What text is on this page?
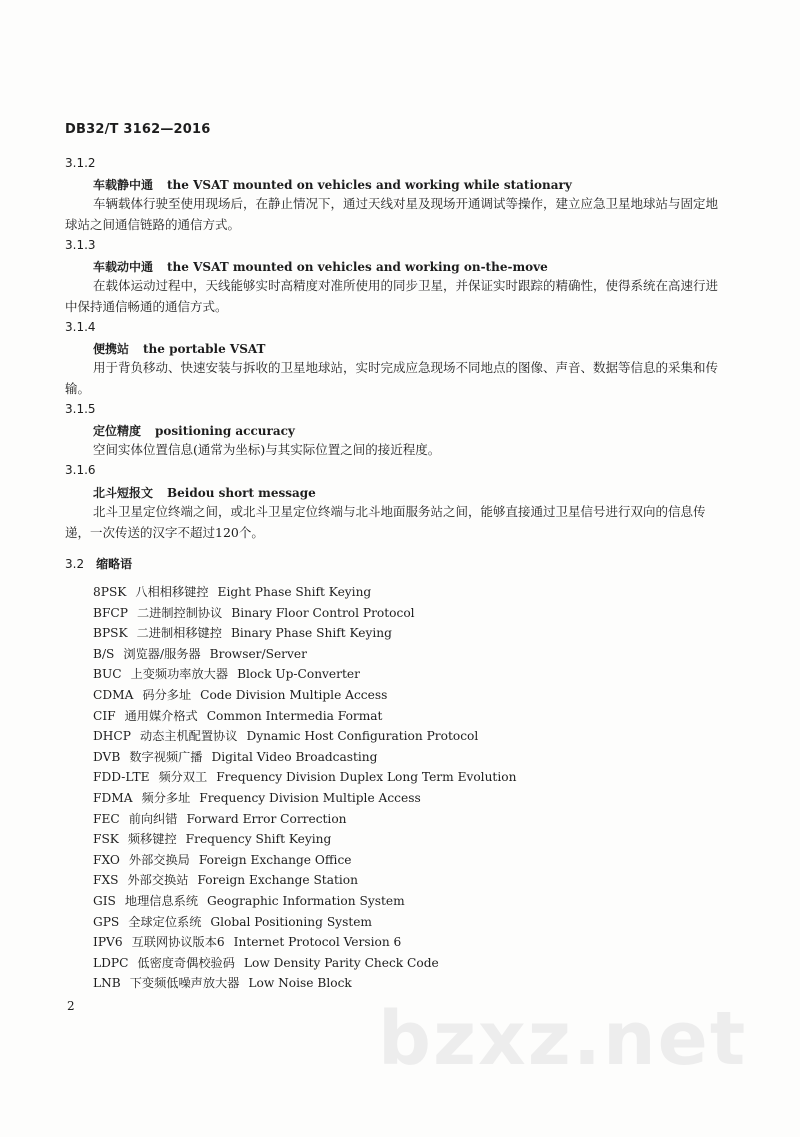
DB32/T 3162—2016
3.1.2
车载静中通 the VSAT mounted on vehicles and working while stationary
车辆载体行驶至使用现场后，在静止情况下，通过天线对星及现场开通调试等操作，建立应急卫星地球站与固定地球站之间通信链路的通信方式。
3.1.3
车载动中通 the VSAT mounted on vehicles and working on-the-move
在载体运动过程中，天线能够实时高精度对准所使用的同步卫星，并保证实时跟踪的精确性，使得系统在高速行进中保持通信畅通的通信方式。
3.1.4
便携站 the portable VSAT
用于背负移动、快速安装与拆收的卫星地球站，实时完成应急现场不同地点的图像、声音、数据等信息的采集和传输。
3.1.5
定位精度 positioning accuracy
空间实体位置信息(通常为坐标)与其实际位置之间的接近程度。
3.1.6
北斗短报文 Beidou short message
北斗卫星定位终端之间，或北斗卫星定位终端与北斗地面服务站之间，能够直接通过卫星信号进行双向的信息传递，一次传送的汉字不超过120个。
3.2 缩略语
8PSK 八相相移键控 Eight Phase Shift Keying
BFCP 二进制控制协议 Binary Floor Control Protocol
BPSK 二进制相移键控 Binary Phase Shift Keying
B/S 浏览器/服务器 Browser/Server
BUC 上变频功率放大器 Block Up-Converter
CDMA 码分多址 Code Division Multiple Access
CIF 通用媒介格式 Common Intermedia Format
DHCP 动态主机配置协议 Dynamic Host Configuration Protocol
DVB 数字视频广播 Digital Video Broadcasting
FDD-LTE 频分双工 Frequency Division Duplex Long Term Evolution
FDMA 频分多址 Frequency Division Multiple Access
FEC 前向纠错 Forward Error Correction
FSK 频移键控 Frequency Shift Keying
FXO 外部交换局 Foreign Exchange Office
FXS 外部交换站 Foreign Exchange Station
GIS 地理信息系统 Geographic Information System
GPS 全球定位系统 Global Positioning System
IPV6 互联网协议版本6 Internet Protocol Version 6
LDPC 低密度奇偶校验码 Low Density Parity Check Code
LNB 下变频低噪声放大器 Low Noise Block
2	bzxz.net
